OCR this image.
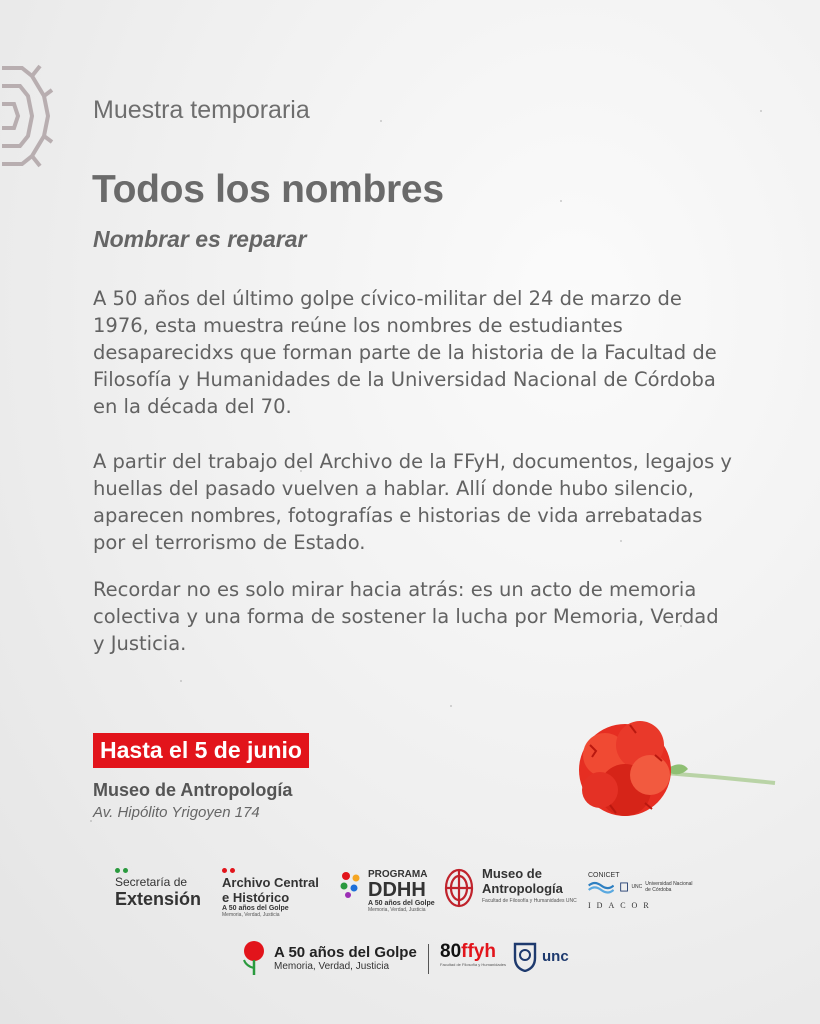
Muestra temporaria
Todos los nombres
Nombrar es reparar

A 50 años del último golpe cívico-militar del 24 de marzo de 1976, esta muestra reúne los nombres de estudiantes desaparecidxs que forman parte de la historia de la Facultad de Filosofía y Humanidades de la Universidad Nacional de Córdoba en la década del 70.

A partir del trabajo del Archivo de la FFyH, documentos, legajos y huellas del pasado vuelven a hablar. Allí donde hubo silencio, aparecen nombres, fotografías e historias de vida arrebatadas por el terrorismo de Estado.

Recordar no es solo mirar hacia atrás: es un acto de memoria colectiva y una forma de sostener la lucha por Memoria, Verdad y Justicia.

Hasta el 5 de junio
Museo de Antropología
Av. Hipólito Yrigoyen 174
Secretaría de
Extensión
Archivo Central
e Histórico
A 50 años del Golpe
Memoria, Verdad, Justicia
PROGRAMA
DDHH
A 50 años del Golpe
Memoria, Verdad, Justicia
Museo de
Antropología
Facultad de Filosofía y Humanidades UNC
CONICET
UNC Universidad Nacional de Córdoba
IDACOR
A 50 años del Golpe
Memoria, Verdad, Justicia
80ffyh
Facultad de Filosofía y Humanidades unc
